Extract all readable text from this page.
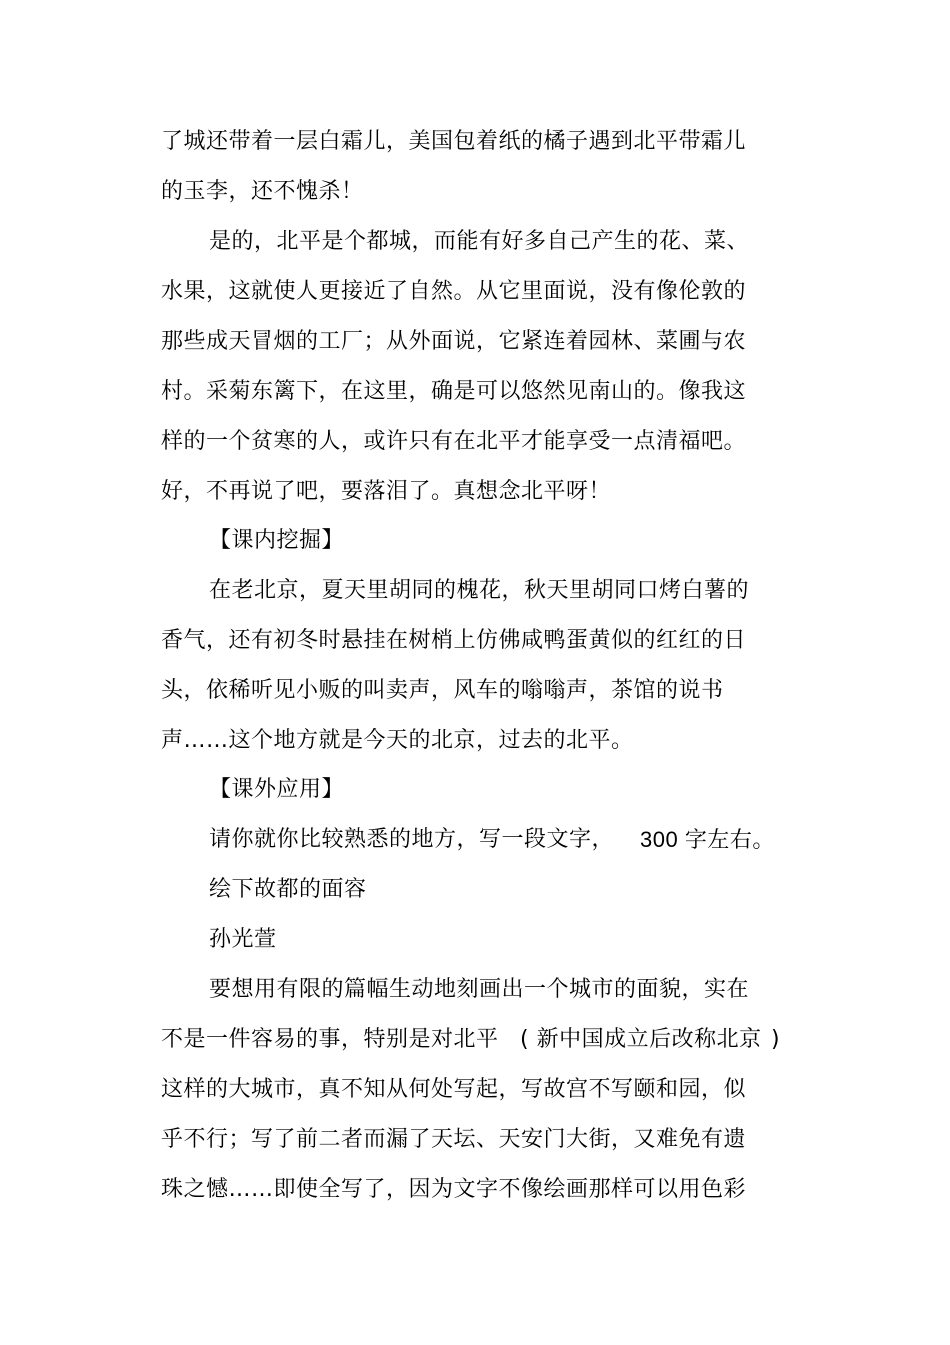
了城还带着一层白霜儿，美国包着纸的橘子遇到北平带霜儿
的玉李，还不愧杀！
是的，北平是个都城，而能有好多自己产生的花、菜、
水果，这就使人更接近了自然。从它里面说，没有像伦敦的
那些成天冒烟的工厂；从外面说，它紧连着园林、菜圃与农
村。采菊东篱下，在这里，确是可以悠然见南山的。像我这
样的一个贫寒的人，或许只有在北平才能享受一点清福吧。
好，不再说了吧，要落泪了。真想念北平呀！
【课内挖掘】
在老北京，夏天里胡同的槐花，秋天里胡同口烤白薯的
香气，还有初冬时悬挂在树梢上仿佛咸鸭蛋黄似的红红的日
头，依稀听见小贩的叫卖声，风车的嗡嗡声，茶馆的说书
声……这个地方就是今天的北京，过去的北平。
【课外应用】
请你就你比较熟悉的地方，写一段文字， 300 字左右。
绘下故都的面容
孙光萱
要想用有限的篇幅生动地刻画出一个城市的面貌，实在
不是一件容易的事，特别是对北平 ( 新中国成立后改称北京 )
这样的大城市，真不知从何处写起，写故宫不写颐和园，似
乎不行；写了前二者而漏了天坛、天安门大街，又难免有遗
珠之憾……即使全写了，因为文字不像绘画那样可以用色彩
